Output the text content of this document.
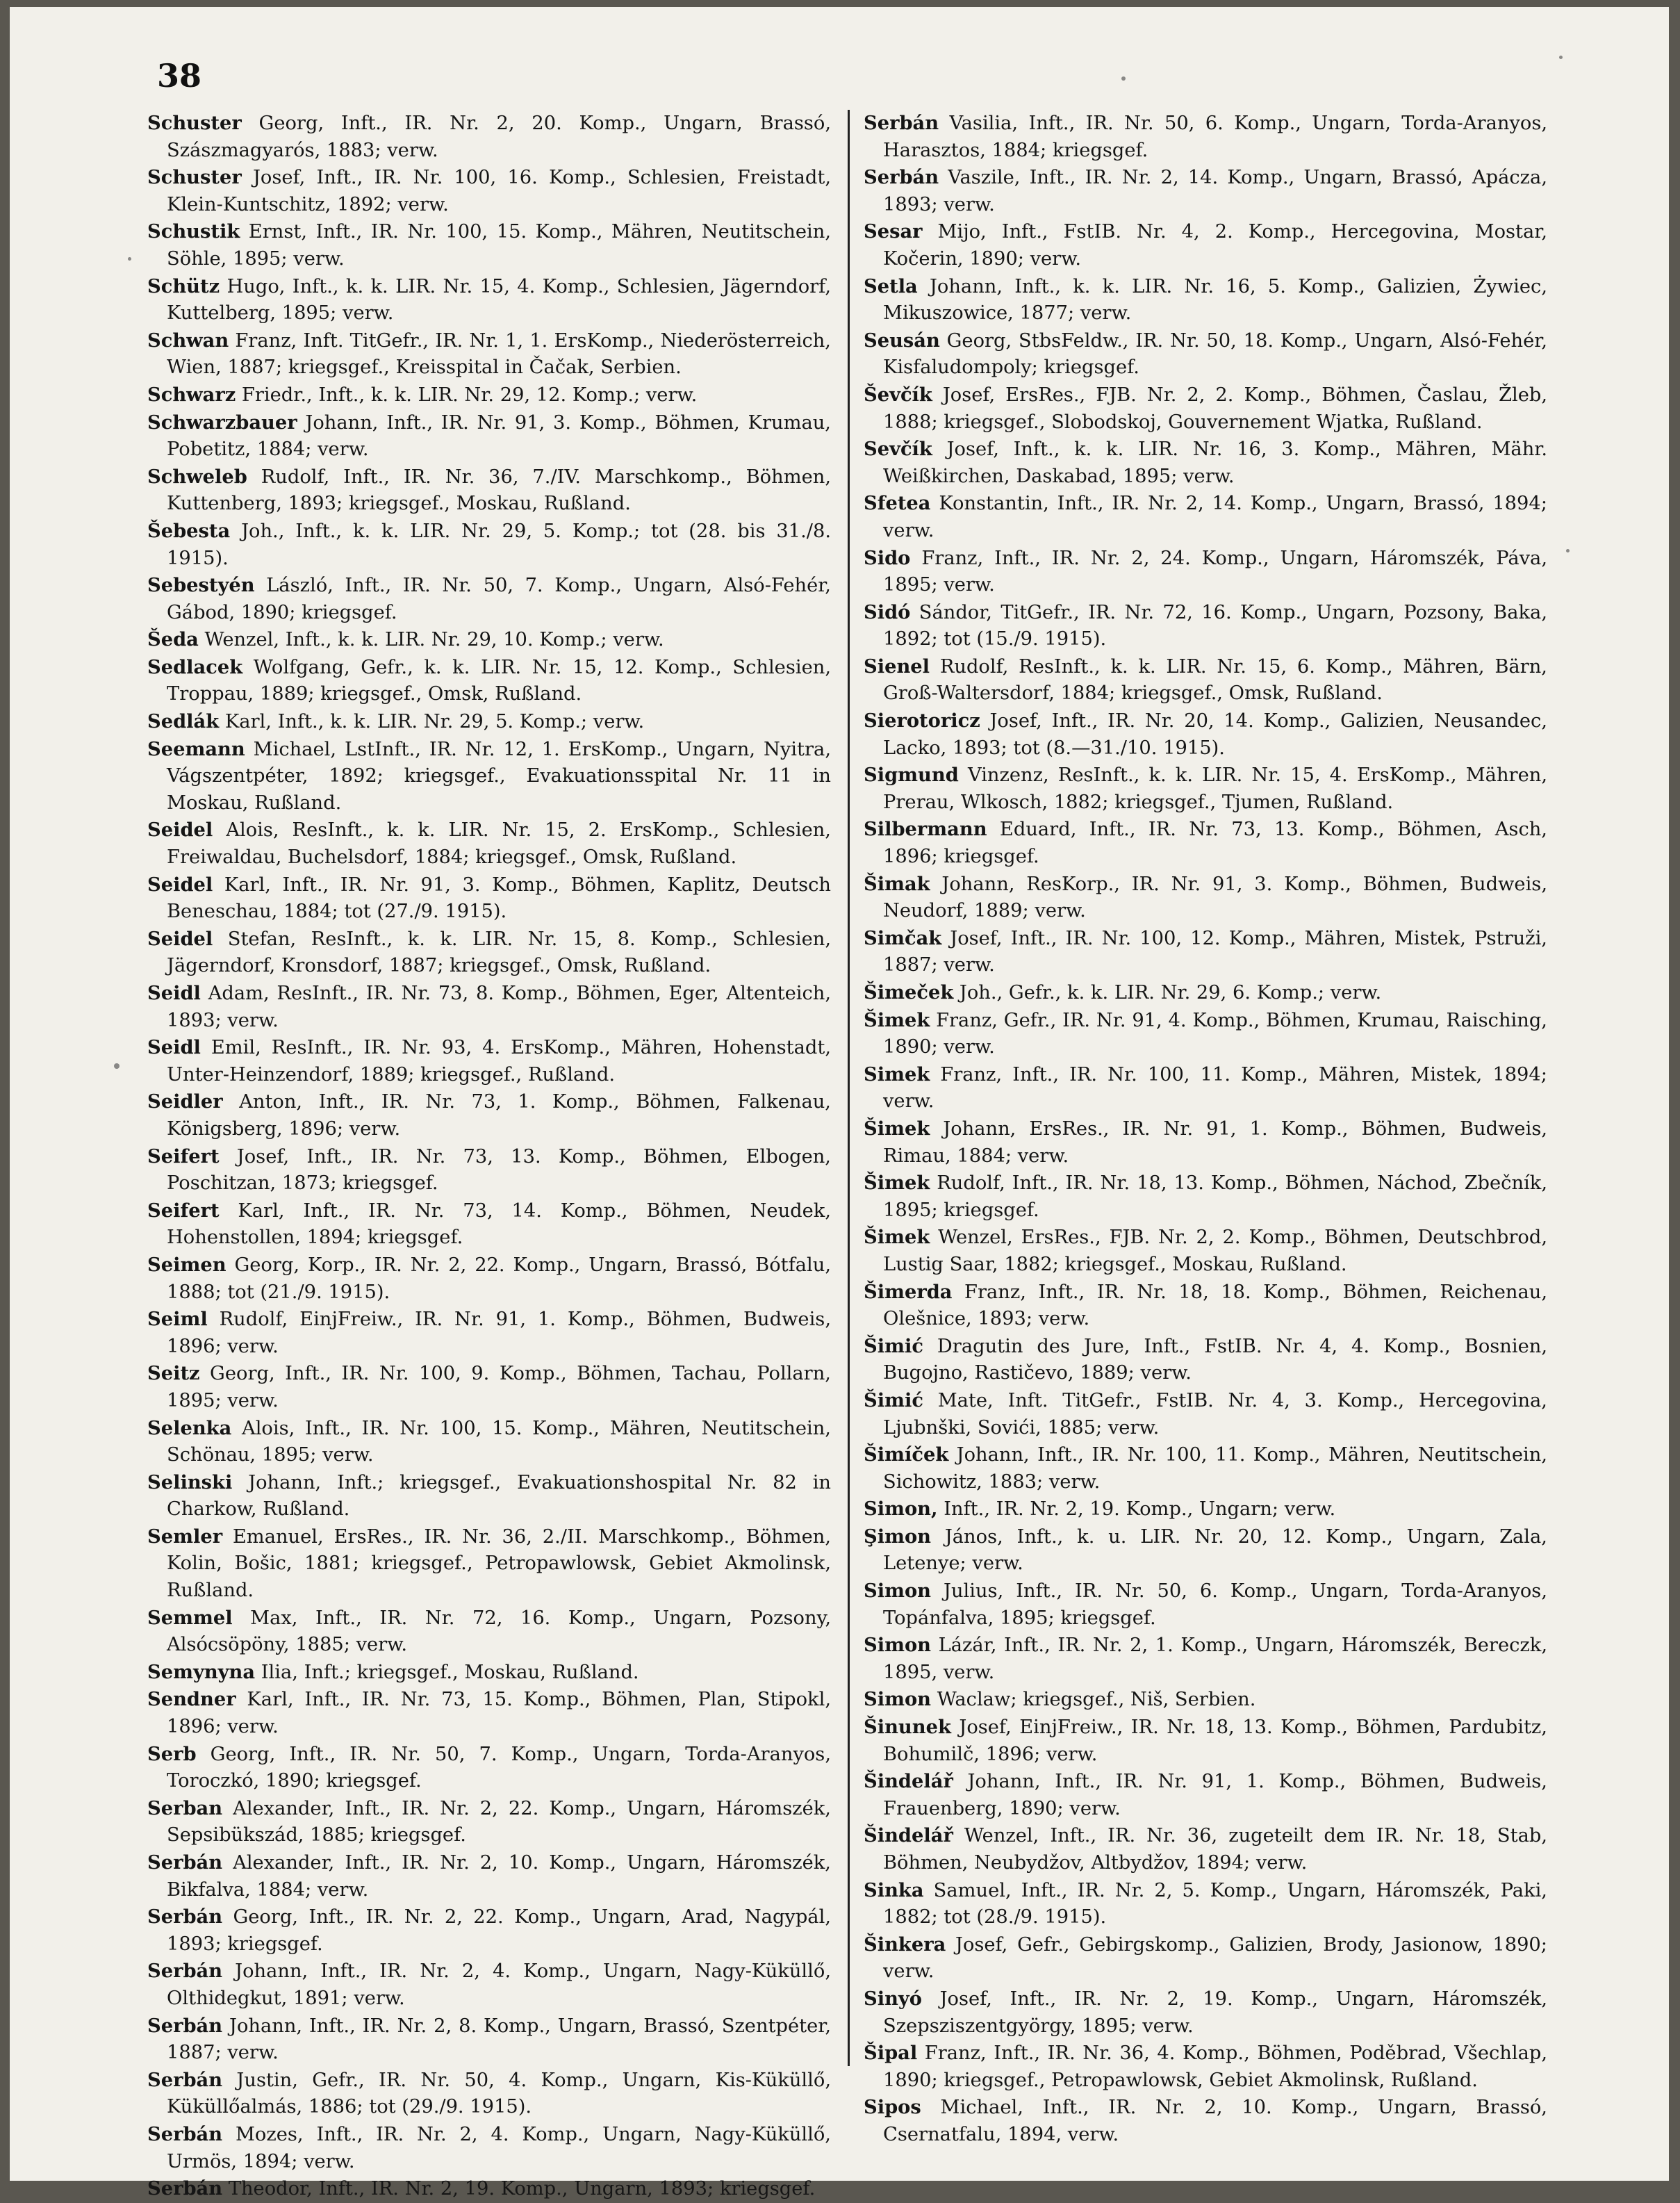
38

Schuster Georg, Inft., IR. Nr. 2, 20. Komp., Ungarn, Brassó, Szászmagyarós, 1883; verw.

Schuster Josef, Inft., IR. Nr. 100, 16. Komp., Schlesien, Freistadt, Klein-Kuntschitz, 1892; verw.

Schustik Ernst, Inft., IR. Nr. 100, 15. Komp., Mähren, Neutitschein, Söhle, 1895; verw.

Schütz Hugo, Inft., k. k. LIR. Nr. 15, 4. Komp., Schlesien, Jägerndorf, Kuttelberg, 1895; verw.

Schwan Franz, Inft. TitGefr., IR. Nr. 1, 1. ErsKomp., Niederösterreich, Wien, 1887; kriegsgef., Kreisspital in Čačak, Serbien.

Schwarz Friedr., Inft., k. k. LIR. Nr. 29, 12. Komp.; verw.

Schwarzbauer Johann, Inft., IR. Nr. 91, 3. Komp., Böhmen, Krumau, Pobetitz, 1884; verw.

Schweleb Rudolf, Inft., IR. Nr. 36, 7./IV. Marschkomp., Böhmen, Kuttenberg, 1893; kriegsgef., Moskau, Rußland.

Šebesta Joh., Inft., k. k. LIR. Nr. 29, 5. Komp.; tot (28. bis 31./8. 1915).

Sebestyén László, Inft., IR. Nr. 50, 7. Komp., Ungarn, Alsó-Fehér, Gábod, 1890; kriegsgef.

Šeda Wenzel, Inft., k. k. LIR. Nr. 29, 10. Komp.; verw.

Sedlacek Wolfgang, Gefr., k. k. LIR. Nr. 15, 12. Komp., Schlesien, Troppau, 1889; kriegsgef., Omsk, Rußland.

Sedlák Karl, Inft., k. k. LIR. Nr. 29, 5. Komp.; verw.

Seemann Michael, LstInft., IR. Nr. 12, 1. ErsKomp., Ungarn, Nyitra, Vágszentpéter, 1892; kriegsgef., Evakuationsspital Nr. 11 in Moskau, Rußland.

Seidel Alois, ResInft., k. k. LIR. Nr. 15, 2. ErsKomp., Schlesien, Freiwaldau, Buchelsdorf, 1884; kriegsgef., Omsk, Rußland.

Seidel Karl, Inft., IR. Nr. 91, 3. Komp., Böhmen, Kaplitz, Deutsch Beneschau, 1884; tot (27./9. 1915).

Seidel Stefan, ResInft., k. k. LIR. Nr. 15, 8. Komp., Schlesien, Jägerndorf, Kronsdorf, 1887; kriegsgef., Omsk, Rußland.

Seidl Adam, ResInft., IR. Nr. 73, 8. Komp., Böhmen, Eger, Altenteich, 1893; verw.

Seidl Emil, ResInft., IR. Nr. 93, 4. ErsKomp., Mähren, Hohenstadt, Unter-Heinzendorf, 1889; kriegsgef., Rußland.

Seidler Anton, Inft., IR. Nr. 73, 1. Komp., Böhmen, Falkenau, Königsberg, 1896; verw.

Seifert Josef, Inft., IR. Nr. 73, 13. Komp., Böhmen, Elbogen, Poschitzan, 1873; kriegsgef.

Seifert Karl, Inft., IR. Nr. 73, 14. Komp., Böhmen, Neudek, Hohenstollen, 1894; kriegsgef.

Seimen Georg, Korp., IR. Nr. 2, 22. Komp., Ungarn, Brassó, Bótfalu, 1888; tot (21./9. 1915).

Seiml Rudolf, EinjFreiw., IR. Nr. 91, 1. Komp., Böhmen, Budweis, 1896; verw.

Seitz Georg, Inft., IR. Nr. 100, 9. Komp., Böhmen, Tachau, Pollarn, 1895; verw.

Selenka Alois, Inft., IR. Nr. 100, 15. Komp., Mähren, Neutitschein, Schönau, 1895; verw.

Selinski Johann, Inft.; kriegsgef., Evakuationshospital Nr. 82 in Charkow, Rußland.

Semler Emanuel, ErsRes., IR. Nr. 36, 2./II. Marschkomp., Böhmen, Kolin, Bošic, 1881; kriegsgef., Petropawlowsk, Gebiet Akmolinsk, Rußland.

Semmel Max, Inft., IR. Nr. 72, 16. Komp., Ungarn, Pozsony, Alsócsöpöny, 1885; verw.

Semynyna Ilia, Inft.; kriegsgef., Moskau, Rußland.

Sendner Karl, Inft., IR. Nr. 73, 15. Komp., Böhmen, Plan, Stipokl, 1896; verw.

Serb Georg, Inft., IR. Nr. 50, 7. Komp., Ungarn, Torda-Aranyos, Toroczkó, 1890; kriegsgef.

Serban Alexander, Inft., IR. Nr. 2, 22. Komp., Ungarn, Háromszék, Sepsibükszád, 1885; kriegsgef.

Serbán Alexander, Inft., IR. Nr. 2, 10. Komp., Ungarn, Háromszék, Bikfalva, 1884; verw.

Serbán Georg, Inft., IR. Nr. 2, 22. Komp., Ungarn, Arad, Nagypál, 1893; kriegsgef.

Serbán Johann, Inft., IR. Nr. 2, 4. Komp., Ungarn, Nagy-Küküllő, Olthidegkut, 1891; verw.

Serbán Johann, Inft., IR. Nr. 2, 8. Komp., Ungarn, Brassó, Szentpéter, 1887; verw.

Serbán Justin, Gefr., IR. Nr. 50, 4. Komp., Ungarn, Kis-Küküllő, Küküllőalmás, 1886; tot (29./9. 1915).

Serbán Mozes, Inft., IR. Nr. 2, 4. Komp., Ungarn, Nagy-Küküllő, Urmös, 1894; verw.

Serbán Theodor, Inft., IR. Nr. 2, 19. Komp., Ungarn, 1893; kriegsgef.

Serbán Vasilia, Inft., IR. Nr. 50, 6. Komp., Ungarn, Torda-Aranyos, Harasztos, 1884; kriegsgef.

Serbán Vaszile, Inft., IR. Nr. 2, 14. Komp., Ungarn, Brassó, Apácza, 1893; verw.

Sesar Mijo, Inft., FstIB. Nr. 4, 2. Komp., Hercegovina, Mostar, Kočerin, 1890; verw.

Setla Johann, Inft., k. k. LIR. Nr. 16, 5. Komp., Galizien, Żywiec, Mikuszowice, 1877; verw.

Seusán Georg, StbsFeldw., IR. Nr. 50, 18. Komp., Ungarn, Alsó-Fehér, Kisfaludompoly; kriegsgef.

Ševčík Josef, ErsRes., FJB. Nr. 2, 2. Komp., Böhmen, Časlau, Žleb, 1888; kriegsgef., Slobodskoj, Gouvernement Wjatka, Rußland.

Sevčík Josef, Inft., k. k. LIR. Nr. 16, 3. Komp., Mähren, Mähr. Weißkirchen, Daskabad, 1895; verw.

Sfetea Konstantin, Inft., IR. Nr. 2, 14. Komp., Ungarn, Brassó, 1894; verw.

Sido Franz, Inft., IR. Nr. 2, 24. Komp., Ungarn, Háromszék, Páva, 1895; verw.

Sidó Sándor, TitGefr., IR. Nr. 72, 16. Komp., Ungarn, Pozsony, Baka, 1892; tot (15./9. 1915).

Sienel Rudolf, ResInft., k. k. LIR. Nr. 15, 6. Komp., Mähren, Bärn, Groß-Waltersdorf, 1884; kriegsgef., Omsk, Rußland.

Sierotoricz Josef, Inft., IR. Nr. 20, 14. Komp., Galizien, Neusandec, Lacko, 1893; tot (8.—31./10. 1915).

Sigmund Vinzenz, ResInft., k. k. LIR. Nr. 15, 4. ErsKomp., Mähren, Prerau, Wlkosch, 1882; kriegsgef., Tjumen, Rußland.

Silbermann Eduard, Inft., IR. Nr. 73, 13. Komp., Böhmen, Asch, 1896; kriegsgef.

Šimak Johann, ResKorp., IR. Nr. 91, 3. Komp., Böhmen, Budweis, Neudorf, 1889; verw.

Simčak Josef, Inft., IR. Nr. 100, 12. Komp., Mähren, Mistek, Pstruži, 1887; verw.

Šimeček Joh., Gefr., k. k. LIR. Nr. 29, 6. Komp.; verw.

Šimek Franz, Gefr., IR. Nr. 91, 4. Komp., Böhmen, Krumau, Raisching, 1890; verw.

Simek Franz, Inft., IR. Nr. 100, 11. Komp., Mähren, Mistek, 1894; verw.

Šimek Johann, ErsRes., IR. Nr. 91, 1. Komp., Böhmen, Budweis, Rimau, 1884; verw.

Šimek Rudolf, Inft., IR. Nr. 18, 13. Komp., Böhmen, Náchod, Zbečník, 1895; kriegsgef.

Šimek Wenzel, ErsRes., FJB. Nr. 2, 2. Komp., Böhmen, Deutschbrod, Lustig Saar, 1882; kriegsgef., Moskau, Rußland.

Šimerda Franz, Inft., IR. Nr. 18, 18. Komp., Böhmen, Reichenau, Olešnice, 1893; verw.

Šimić Dragutin des Jure, Inft., FstIB. Nr. 4, 4. Komp., Bosnien, Bugojno, Rastičevo, 1889; verw.

Šimić Mate, Inft. TitGefr., FstIB. Nr. 4, 3. Komp., Hercegovina, Ljubnški, Sovići, 1885; verw.

Šimíček Johann, Inft., IR. Nr. 100, 11. Komp., Mähren, Neutitschein, Sichowitz, 1883; verw.

Simon, Inft., IR. Nr. 2, 19. Komp., Ungarn; verw.

Şimon János, Inft., k. u. LIR. Nr. 20, 12. Komp., Ungarn, Zala, Letenye; verw.

Simon Julius, Inft., IR. Nr. 50, 6. Komp., Ungarn, Torda-Aranyos, Topánfalva, 1895; kriegsgef.

Simon Lázár, Inft., IR. Nr. 2, 1. Komp., Ungarn, Háromszék, Bereczk, 1895, verw.

Simon Waclaw; kriegsgef., Niš, Serbien.

Šinunek Josef, EinjFreiw., IR. Nr. 18, 13. Komp., Böhmen, Pardubitz, Bohumilč, 1896; verw.

Šindelář Johann, Inft., IR. Nr. 91, 1. Komp., Böhmen, Budweis, Frauenberg, 1890; verw.

Šindelář Wenzel, Inft., IR. Nr. 36, zugeteilt dem IR. Nr. 18, Stab, Böhmen, Neubydžov, Altbydžov, 1894; verw.

Sinka Samuel, Inft., IR. Nr. 2, 5. Komp., Ungarn, Háromszék, Paki, 1882; tot (28./9. 1915).

Šinkera Josef, Gefr., Gebirgskomp., Galizien, Brody, Jasionow, 1890; verw.

Sinyó Josef, Inft., IR. Nr. 2, 19. Komp., Ungarn, Háromszék, Szepsziszentgyörgy, 1895; verw.

Šipal Franz, Inft., IR. Nr. 36, 4. Komp., Böhmen, Poděbrad, Všechlap, 1890; kriegsgef., Petropawlowsk, Gebiet Akmolinsk, Rußland.

Sipos Michael, Inft., IR. Nr. 2, 10. Komp., Ungarn, Brassó, Csernatfalu, 1894, verw.
